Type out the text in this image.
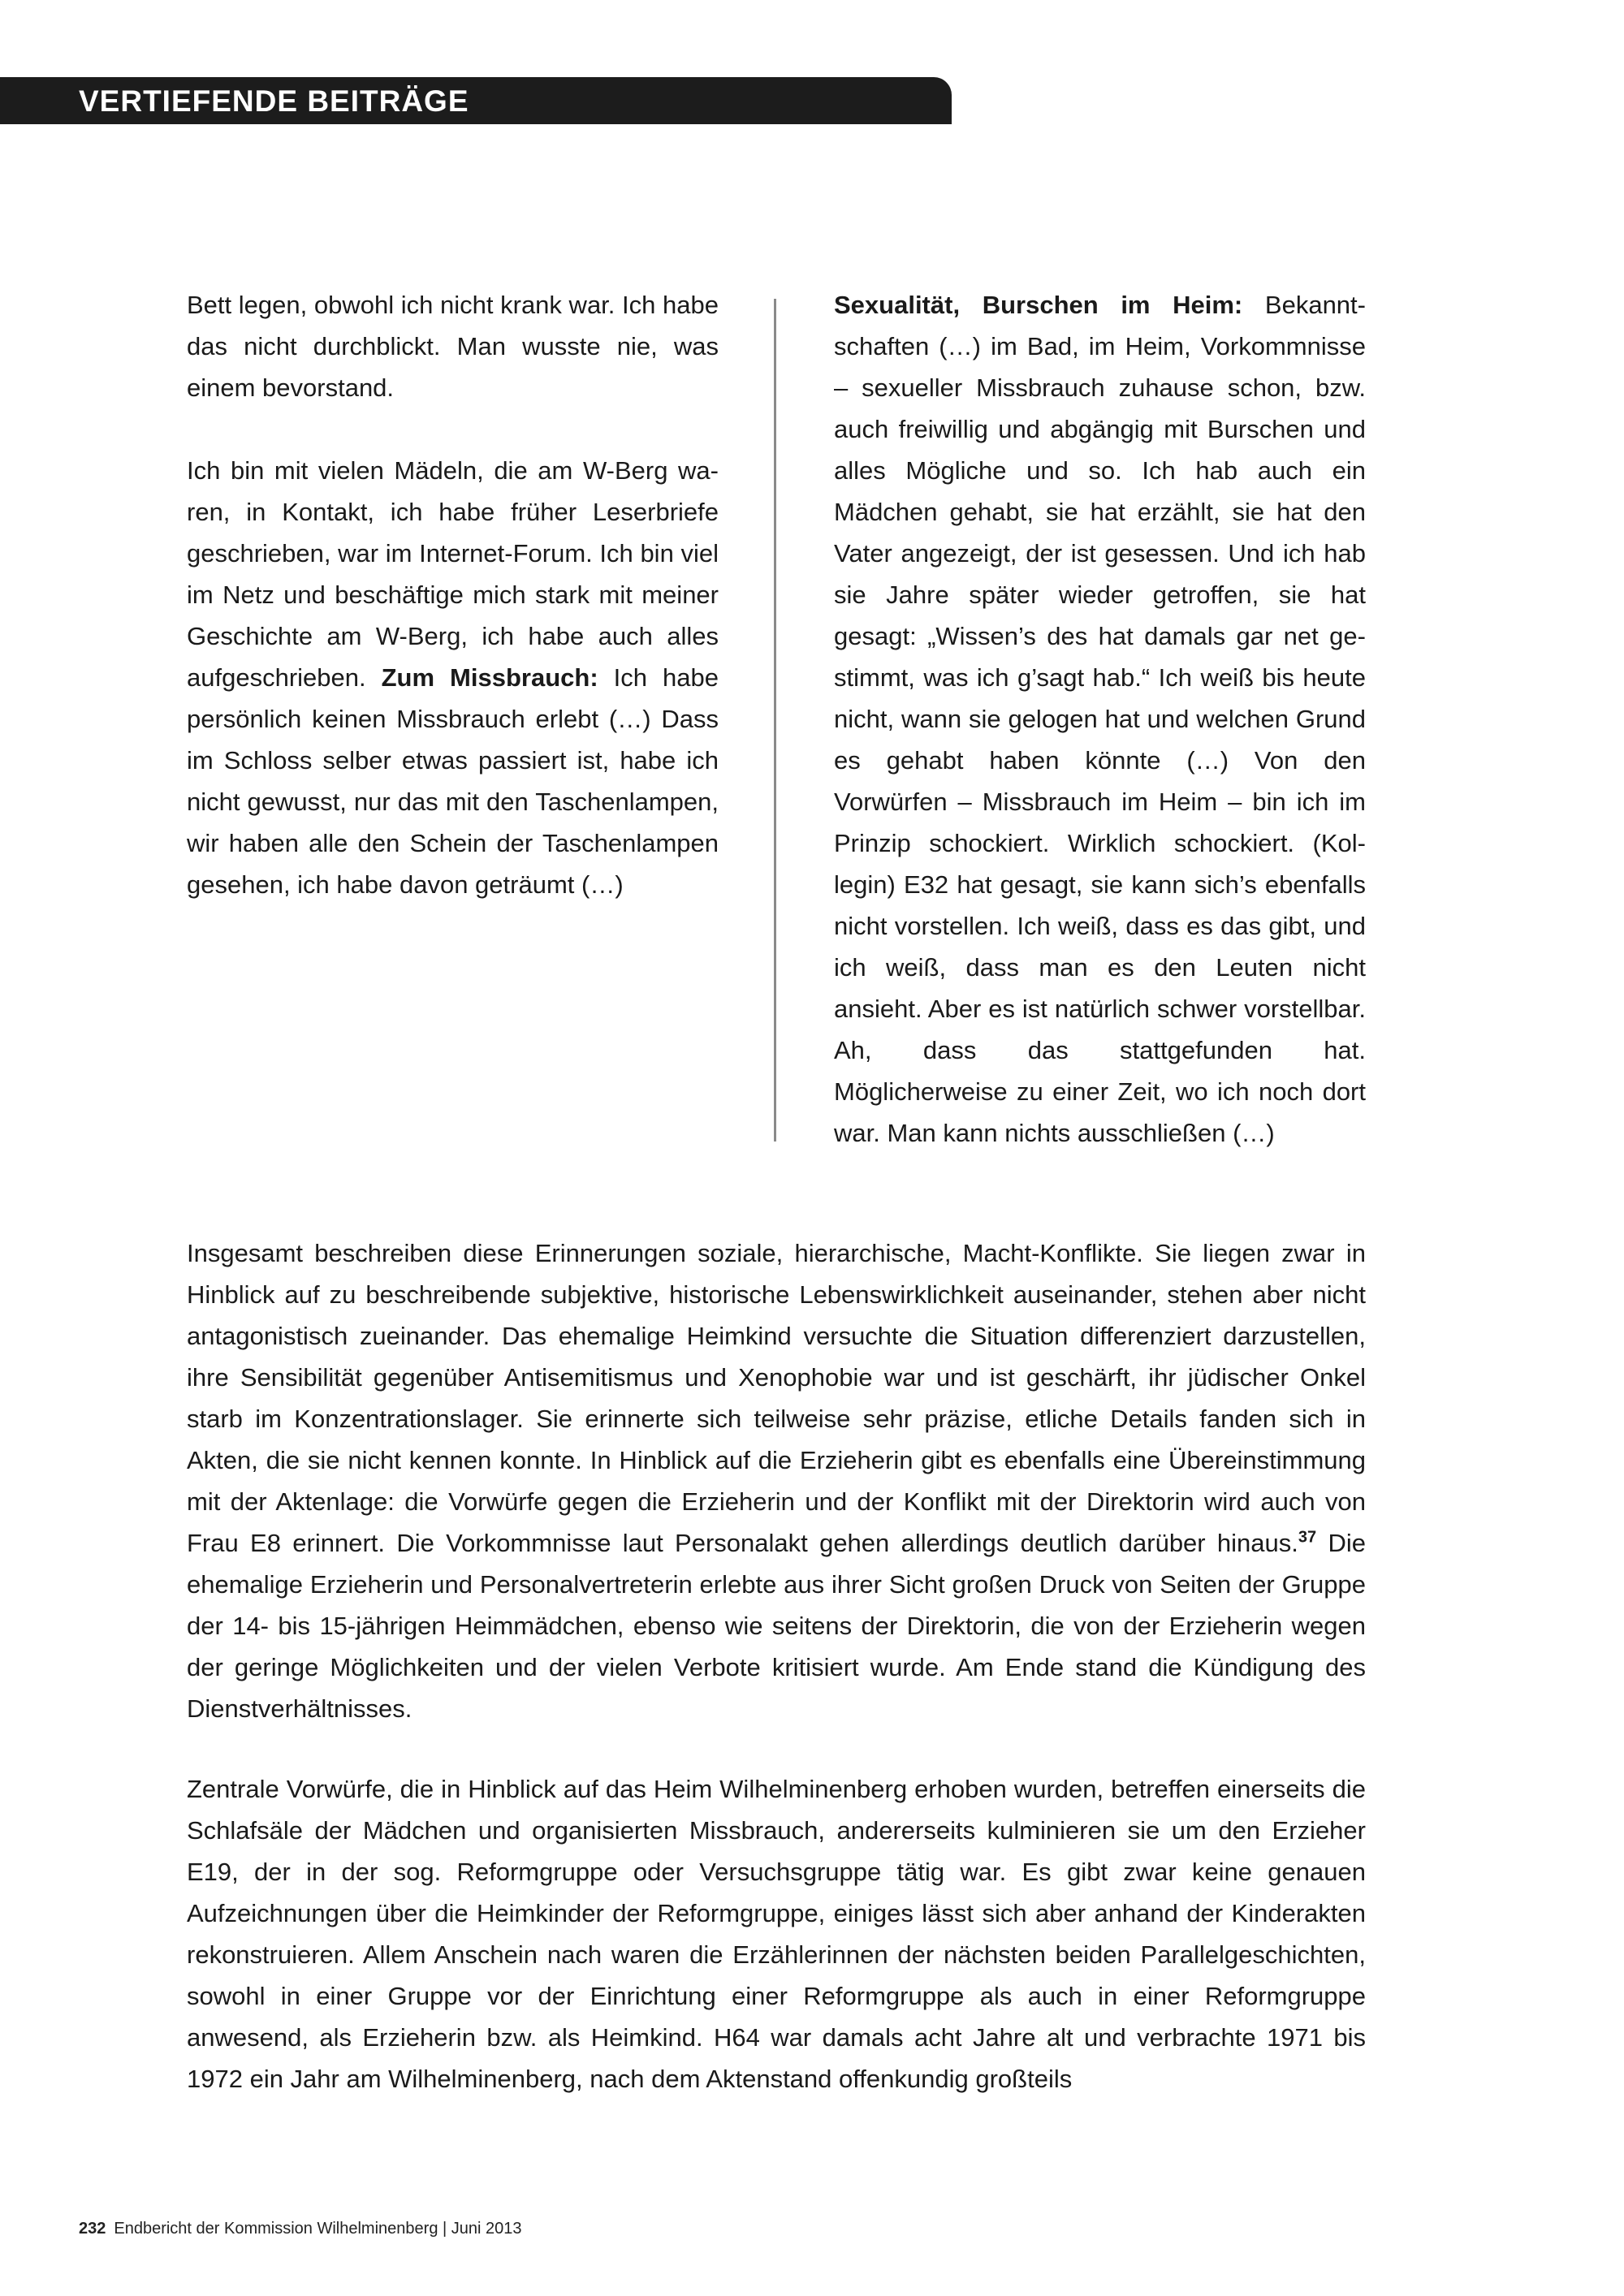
VERTIEFENDE BEITRÄGE

Bett legen, obwohl ich nicht krank war. Ich habe das nicht durchblickt. Man wusste nie, was einem bevorstand.

Ich bin mit vielen Mädeln, die am W-Berg waren, in Kontakt, ich habe früher Leserbriefe geschrieben, war im Internet-Forum. Ich bin viel im Netz und beschäftige mich stark mit meiner Geschichte am W-Berg, ich habe auch alles aufgeschrieben. Zum Missbrauch: Ich habe persönlich keinen Missbrauch erlebt (…) Dass im Schloss selber etwas passiert ist, habe ich nicht gewusst, nur das mit den Taschenlampen, wir haben alle den Schein der Taschenlampen gesehen, ich habe davon geträumt (…)

Sexualität, Burschen im Heim: Bekanntschaften (…) im Bad, im Heim, Vorkommnisse – sexueller Missbrauch zuhause schon, bzw. auch freiwillig und abgängig mit Burschen und alles Mögliche und so. Ich hab auch ein Mädchen gehabt, sie hat erzählt, sie hat den Vater angezeigt, der ist gesessen. Und ich hab sie Jahre später wieder getroffen, sie hat gesagt: „Wissen’s des hat damals gar net gestimmt, was ich g’sagt hab.“ Ich weiß bis heute nicht, wann sie gelogen hat und welchen Grund es gehabt haben könnte (…) Von den Vorwürfen – Missbrauch im Heim – bin ich im Prinzip schockiert. Wirklich schockiert. (Kollegin) E32 hat gesagt, sie kann sich’s ebenfalls nicht vorstellen. Ich weiß, dass es das gibt, und ich weiß, dass man es den Leuten nicht ansieht. Aber es ist natürlich schwer vorstellbar. Ah, dass das stattgefunden hat. Möglicherweise zu einer Zeit, wo ich noch dort war. Man kann nichts ausschließen (…)

Insgesamt beschreiben diese Erinnerungen soziale, hierarchische, Macht-Konflikte. Sie liegen zwar in Hinblick auf zu beschreibende subjektive, historische Lebenswirklichkeit auseinander, stehen aber nicht antagonistisch zueinander. Das ehemalige Heimkind versuchte die Situation differenziert darzustellen, ihre Sensibilität gegenüber Antisemitismus und Xenophobie war und ist geschärft, ihr jüdischer Onkel starb im Konzentrationslager. Sie erinnerte sich teilweise sehr präzise, etliche Details fanden sich in Akten, die sie nicht kennen konnte. In Hinblick auf die Erzieherin gibt es ebenfalls eine Übereinstimmung mit der Aktenlage: die Vorwürfe gegen die Erzieherin und der Konflikt mit der Direktorin wird auch von Frau E8 erinnert. Die Vorkommnisse laut Personalakt gehen allerdings deutlich darüber hinaus.$^{37}$ Die ehemalige Erzieherin und Personalvertreterin erlebte aus ihrer Sicht großen Druck von Seiten der Gruppe der 14- bis 15-jährigen Heimmädchen, ebenso wie seitens der Direktorin, die von der Erzieherin wegen der geringe Möglichkeiten und der vielen Verbote kritisiert wurde. Am Ende stand die Kündigung des Dienstverhältnisses.

Zentrale Vorwürfe, die in Hinblick auf das Heim Wilhelminenberg erhoben wurden, betreffen einerseits die Schlafsäle der Mädchen und organisierten Missbrauch, andererseits kulminieren sie um den Erzieher E19, der in der sog. Reformgruppe oder Versuchsgruppe tätig war. Es gibt zwar keine genauen Aufzeichnungen über die Heimkinder der Reformgruppe, einiges lässt sich aber anhand der Kinderakten rekonstruieren. Allem Anschein nach waren die Erzählerinnen der nächsten beiden Parallelgeschichten, sowohl in einer Gruppe vor der Einrichtung einer Reformgruppe als auch in einer Reformgruppe anwesend, als Erzieherin bzw. als Heimkind. H64 war damals acht Jahre alt und verbrachte 1971 bis 1972 ein Jahr am Wilhelminenberg, nach dem Aktenstand offenkundig großteils

232 Endbericht der Kommission Wilhelminenberg | Juni 2013
